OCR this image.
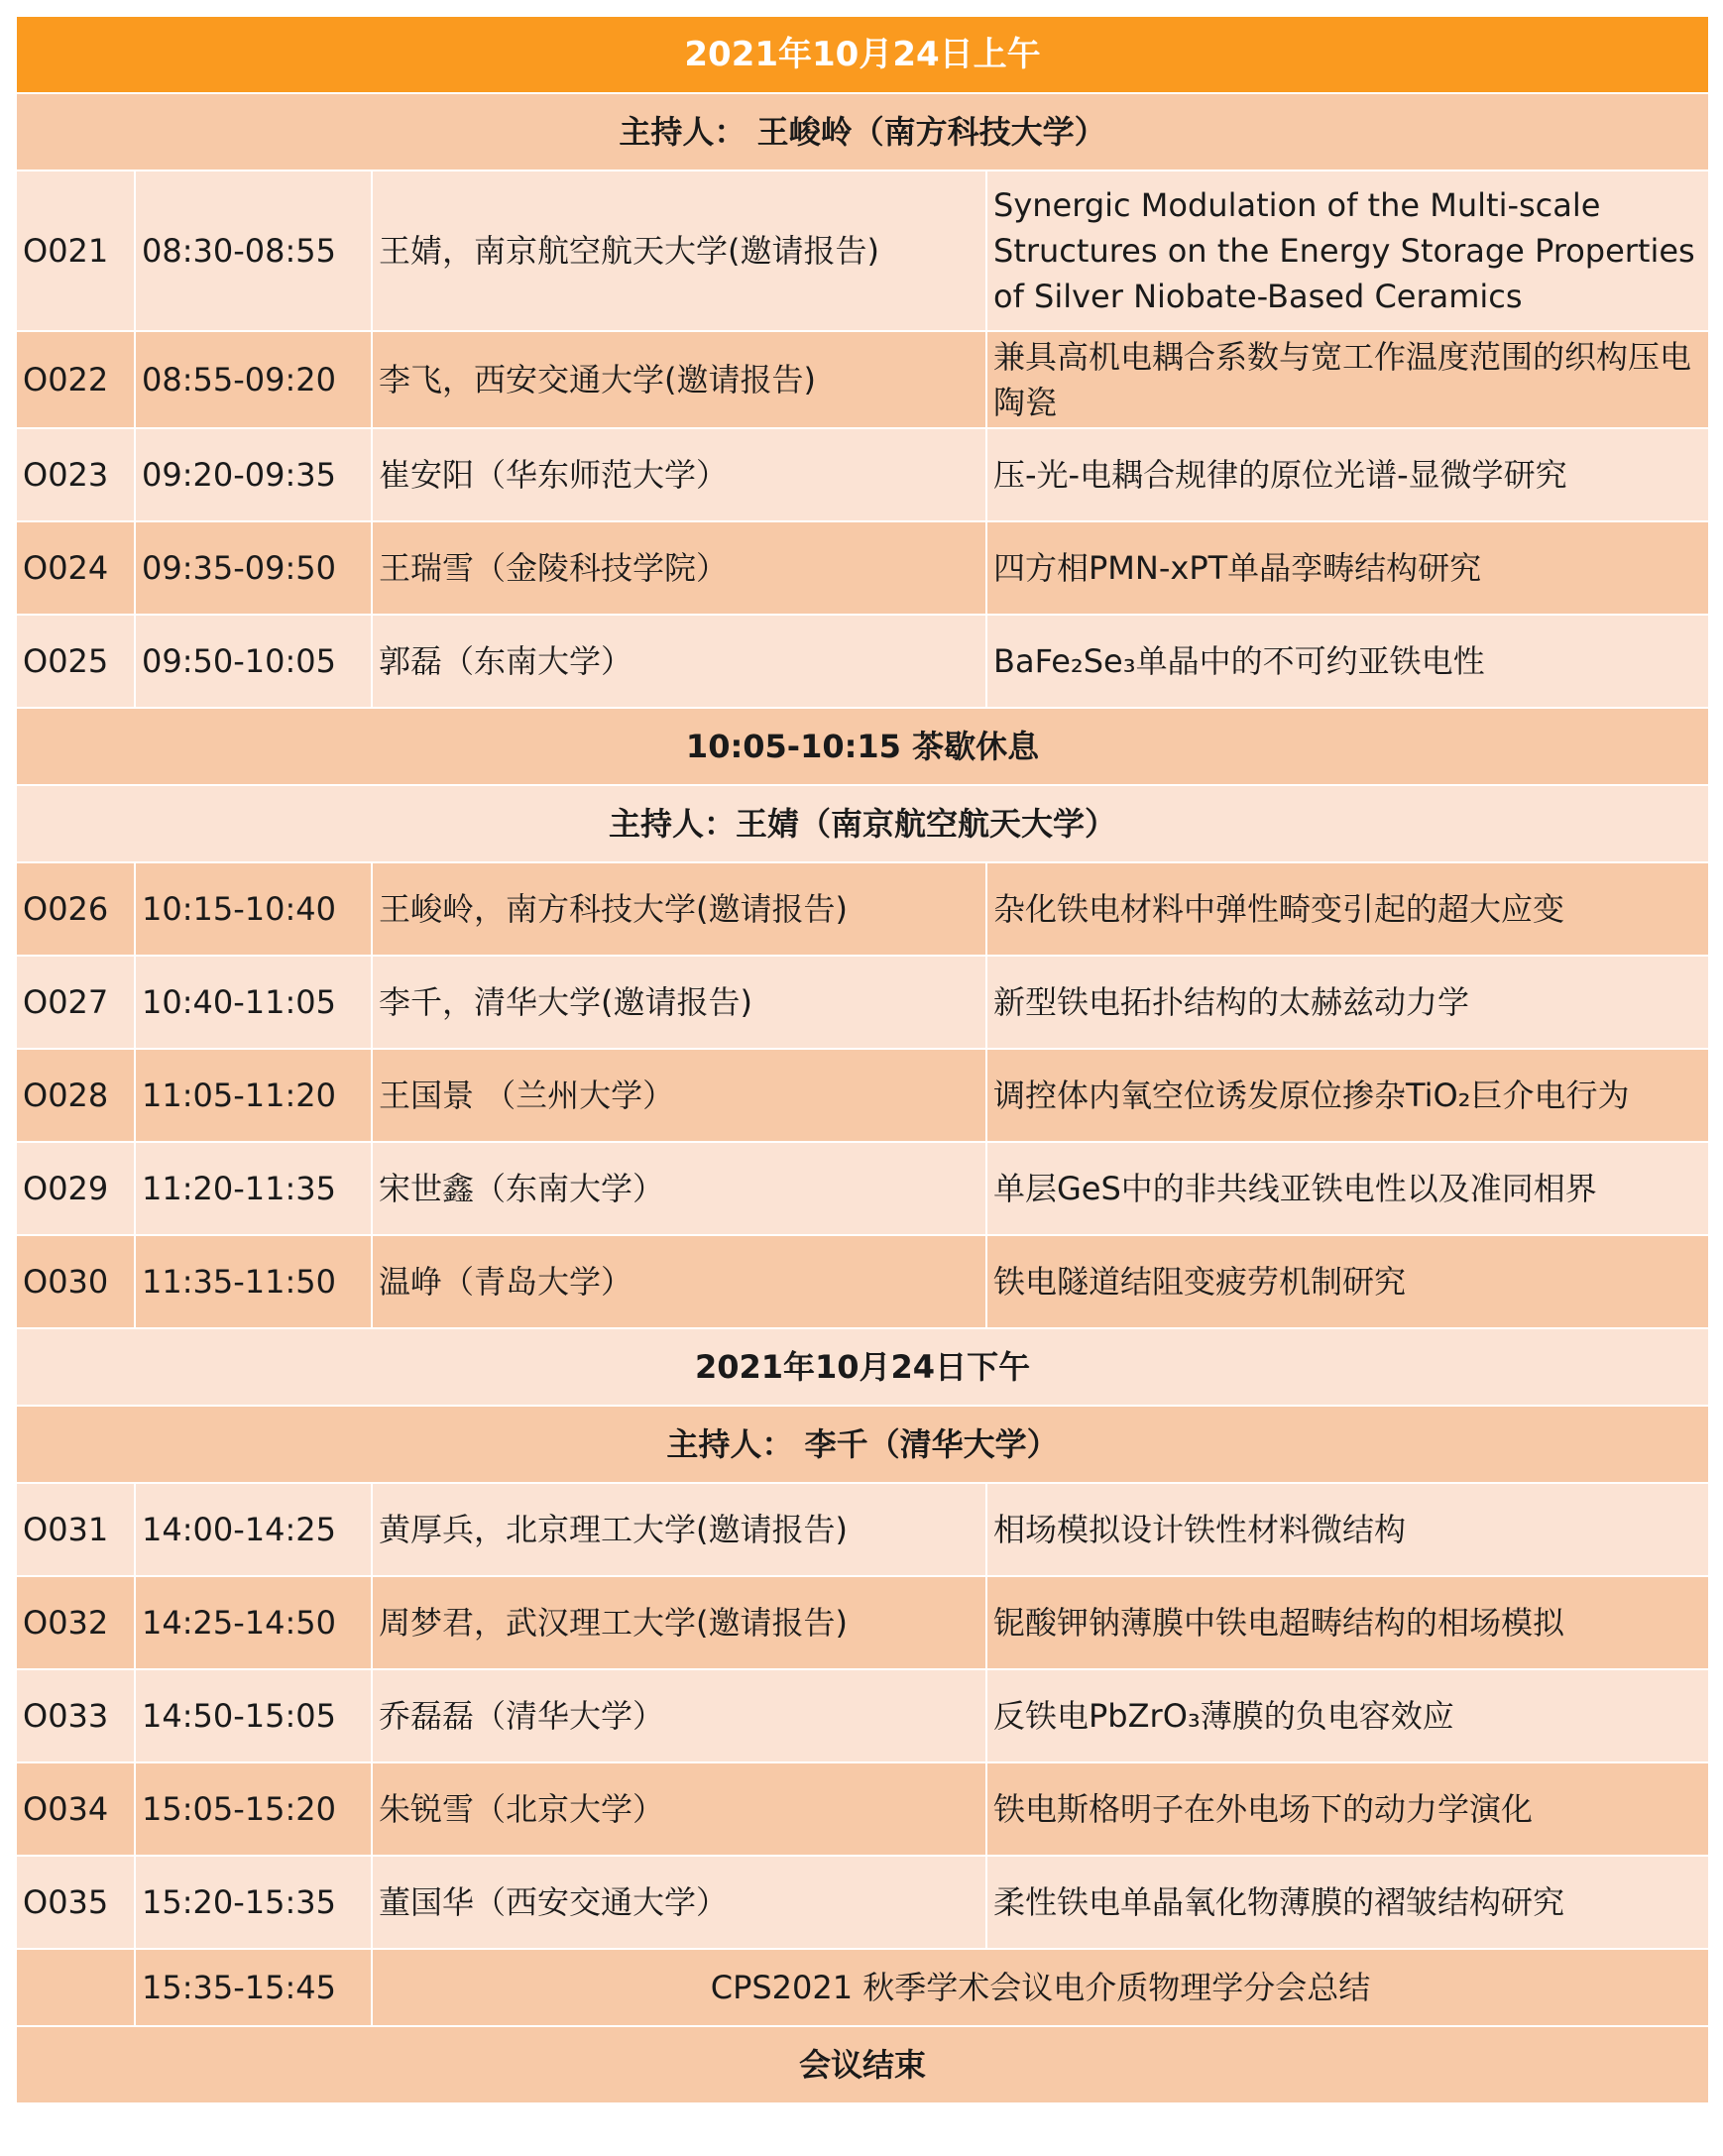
2021年10月24日上午			
主持人： 王峻岭（南方科技大学）			
O021	08:30-08:55	王婧，南京航空航天大学(邀请报告)	Synergic Modulation of the Multi-scale Structures on the Energy Storage Properties of Silver Niobate-Based Ceramics
O022	08:55-09:20	李飞，西安交通大学(邀请报告)	兼具高机电耦合系数与宽工作温度范围的织构压电陶瓷
O023	09:20-09:35	崔安阳（华东师范大学）	压-光-电耦合规律的原位光谱-显微学研究
O024	09:35-09:50	王瑞雪（金陵科技学院）	四方相PMN-xPT单晶孪畴结构研究
O025	09:50-10:05	郭磊（东南大学）	BaFe₂Se₃单晶中的不可约亚铁电性
10:05-10:15 茶歇休息			
主持人：王婧（南京航空航天大学）			
O026	10:15-10:40	王峻岭，南方科技大学(邀请报告)	杂化铁电材料中弹性畸变引起的超大应变
O027	10:40-11:05	李千，清华大学(邀请报告)	新型铁电拓扑结构的太赫兹动力学
O028	11:05-11:20	王国景 （兰州大学）	调控体内氧空位诱发原位掺杂TiO₂巨介电行为
O029	11:20-11:35	宋世鑫（东南大学）	单层GeS中的非共线亚铁电性以及准同相界
O030	11:35-11:50	温峥（青岛大学）	铁电隧道结阻变疲劳机制研究
2021年10月24日下午			
主持人： 李千（清华大学）			
O031	14:00-14:25	黄厚兵，北京理工大学(邀请报告)	相场模拟设计铁性材料微结构
O032	14:25-14:50	周梦君，武汉理工大学(邀请报告)	铌酸钾钠薄膜中铁电超畴结构的相场模拟
O033	14:50-15:05	乔磊磊（清华大学）	反铁电PbZrO₃薄膜的负电容效应
O034	15:05-15:20	朱锐雪（北京大学）	铁电斯格明子在外电场下的动力学演化
O035	15:20-15:35	董国华（西安交通大学）	柔性铁电单晶氧化物薄膜的褶皱结构研究
	15:35-15:45	CPS2021 秋季学术会议电介质物理学分会总结	
会议结束			
